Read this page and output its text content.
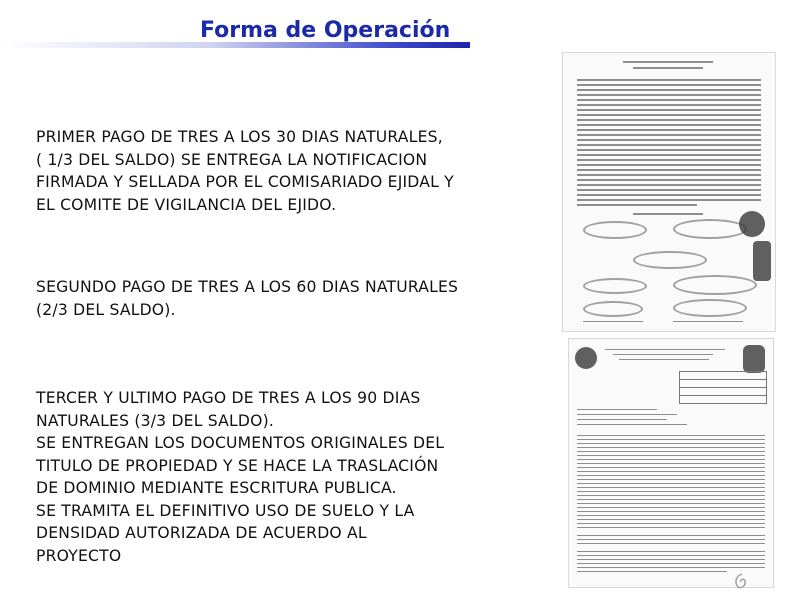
Forma de Operación

PRIMER PAGO DE TRES A LOS 30 DIAS NATURALES,
( 1/3 DEL SALDO) SE ENTREGA LA NOTIFICACION
FIRMADA Y SELLADA POR EL COMISARIADO EJIDAL Y
EL COMITE DE VIGILANCIA DEL EJIDO.

SEGUNDO PAGO DE TRES A LOS 60 DIAS NATURALES
(2/3 DEL SALDO).

TERCER Y ULTIMO PAGO DE TRES A LOS 90 DIAS
NATURALES (3/3 DEL SALDO).
SE ENTREGAN LOS DOCUMENTOS ORIGINALES DEL
TITULO DE PROPIEDAD Y SE HACE LA TRASLACIÓN
DE DOMINIO MEDIANTE ESCRITURA PUBLICA.
SE TRAMITA EL DEFINITIVO USO DE SUELO Y LA
DENSIDAD AUTORIZADA DE ACUERDO AL
PROYECTO
